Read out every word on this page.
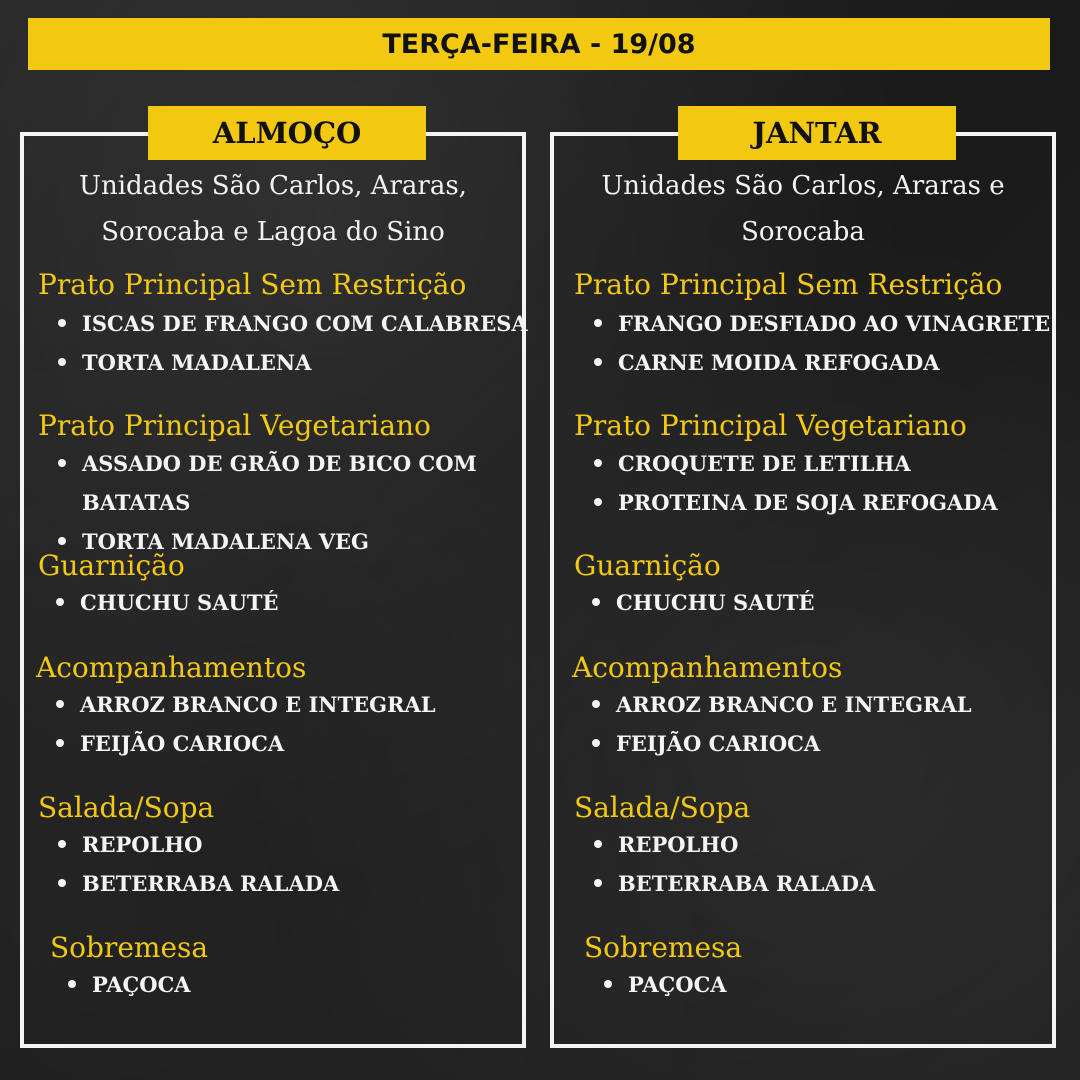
TERÇA-FEIRA - 19/08
ALMOÇO	JANTAR
Unidades São Carlos, Araras,
Sorocaba e Lagoa do Sino
Prato Principal Sem Restrição
ISCAS DE FRANGO COM CALABRESA
TORTA MADALENA
Prato Principal Vegetariano
ASSADO DE GRÃO DE BICO COM BATATAS
TORTA MADALENA VEG
Guarnição
CHUCHU SAUTÉ
Acompanhamentos
ARROZ BRANCO E INTEGRAL
FEIJÃO CARIOCA
Salada/Sopa
REPOLHO
BETERRABA RALADA
Sobremesa
PAÇOCA
Unidades São Carlos, Araras e
Sorocaba
Prato Principal Sem Restrição
FRANGO DESFIADO AO VINAGRETE
CARNE MOIDA REFOGADA
Prato Principal Vegetariano
CROQUETE DE LETILHA
PROTEINA DE SOJA REFOGADA
Guarnição
CHUCHU SAUTÉ
Acompanhamentos
ARROZ BRANCO E INTEGRAL
FEIJÃO CARIOCA
Salada/Sopa
REPOLHO
BETERRABA RALADA
Sobremesa
PAÇOCA
